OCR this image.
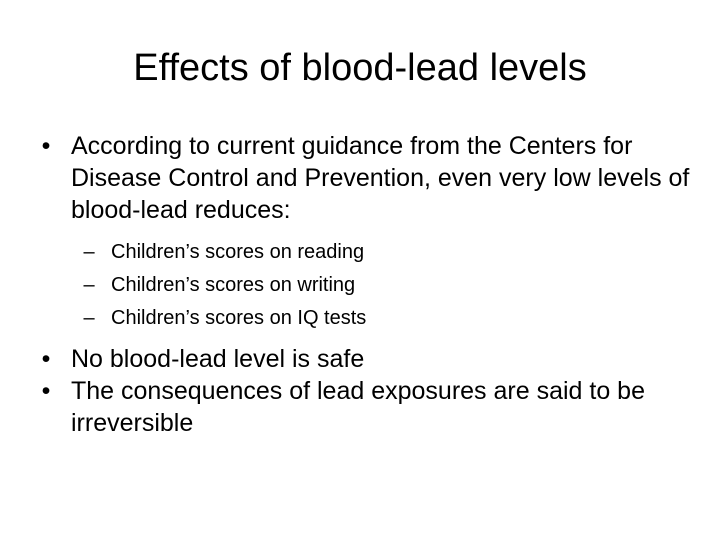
Effects of blood-lead levels

• According to current guidance from the Centers for Disease Control and Prevention, even very low levels of blood-lead reduces:

– Children’s scores on reading
– Children’s scores on writing
– Children’s scores on IQ tests

• No blood-lead level is safe

• The consequences of lead exposures are said to be irreversible
